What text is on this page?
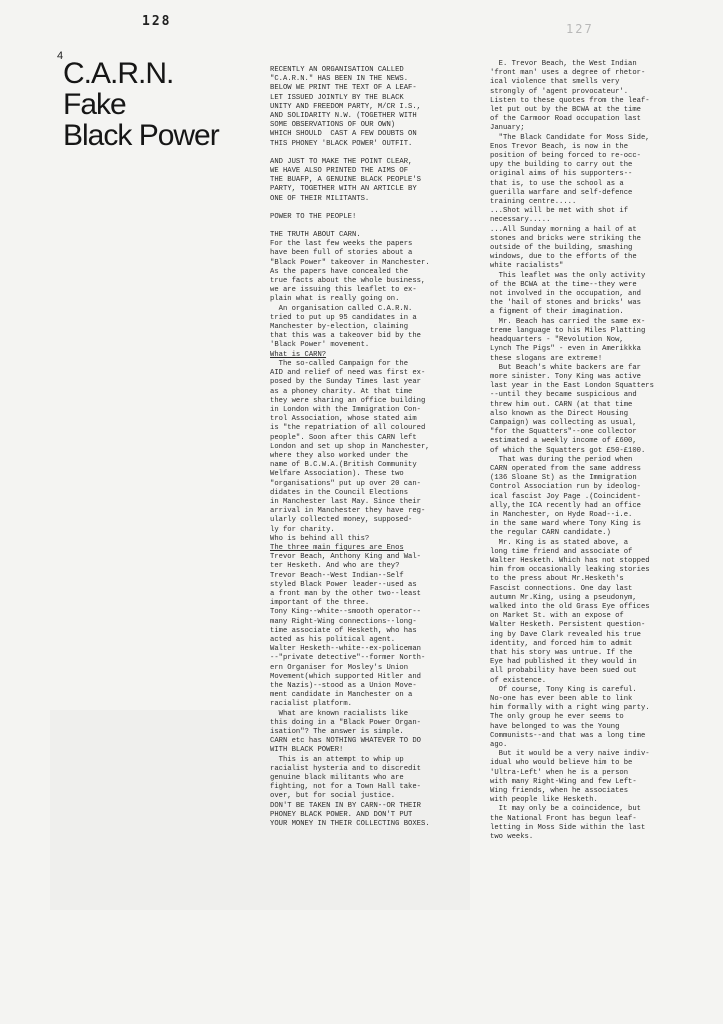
128	127
4
C.A.R.N.
Fake
Black Power

RECENTLY AN ORGANISATION CALLED

"C.A.R.N." HAS BEEN IN THE NEWS.

BELOW WE PRINT THE TEXT OF A LEAF-

LET ISSUED JOINTLY BY THE BLACK

UNITY AND FREEDOM PARTY, M/CR I.S.,

AND SOLIDARITY N.W. (TOGETHER WITH

SOME OBSERVATIONS OF OUR OWN)

WHICH SHOULD  CAST A FEW DOUBTS ON

THIS PHONEY 'BLACK POWER' OUTFIT.

AND JUST TO MAKE THE POINT CLEAR,

WE HAVE ALSO PRINTED THE AIMS OF

THE BUAFP, A GENUINE BLACK PEOPLE'S

PARTY, TOGETHER WITH AN ARTICLE BY

ONE OF THEIR MILITANTS.

POWER TO THE PEOPLE!

THE TRUTH ABOUT CARN.

For the last few weeks the papers

have been full of stories about a

"Black Power" takeover in Manchester.

As the papers have concealed the

true facts about the whole business,

we are issuing this leaflet to ex-

plain what is really going on.

An organisation called C.A.R.N.

tried to put up 95 candidates in a

Manchester by-election, claiming

that this was a takeover bid by the

'Black Power' movement.

What is CARN?

The so-called Campaign for the

AID and relief of need was first ex-

posed by the Sunday Times last year

as a phoney charity. At that time

they were sharing an office building

in London with the Immigration Con-

trol Association, whose stated aim

is "the repatriation of all coloured

people". Soon after this CARN left

London and set up shop in Manchester,

where they also worked under the

name of B.C.W.A.(British Community

Welfare Association). These two

"organisations" put up over 20 can-

didates in the Council Elections

in Manchester last May. Since their

arrival in Manchester they have reg-

ularly collected money, supposed-

ly for charity.

Who is behind all this?

The three main figures are Enos

Trevor Beach, Anthony King and Wal-

ter Hesketh. And who are they?

Trevor Beach--West Indian--Self

styled Black Power leader--used as

a front man by the other two--least

important of the three.

Tony King--white--smooth operator--

many Right-Wing connections--long-

time associate of Hesketh, who has

acted as his political agent.

Walter Hesketh--white--ex-policeman

--"private detective"--former North-

ern Organiser for Mosley's Union

Movement(which supported Hitler and

the Nazis)--stood as a Union Move-

ment candidate in Manchester on a

racialist platform.

What are known racialists like

this doing in a "Black Power Organ-

isation"? The answer is simple.

CARN etc has NOTHING WHATEVER TO DO

WITH BLACK POWER!

This is an attempt to whip up

racialist hysteria and to discredit

genuine black militants who are

fighting, not for a Town Hall take-

over, but for social justice.

DON'T BE TAKEN IN BY CARN--OR THEIR

PHONEY BLACK POWER. AND DON'T PUT

YOUR MONEY IN THEIR COLLECTING BOXES.

E. Trevor Beach, the West Indian

'front man' uses a degree of rhetor-

ical violence that smells very

strongly of 'agent provocateur'.

Listen to these quotes from the leaf-

let put out by the BCWA at the time

of the Carmoor Road occupation last

January;

"The Black Candidate for Moss Side,

Enos Trevor Beach, is now in the

position of being forced to re-occ-

upy the building to carry out the

original aims of his supporters--

that is, to use the school as a

guerilla warfare and self-defence

training centre.....

...Shot will be met with shot if

necessary.....

...All Sunday morning a hail of at

stones and bricks were striking the

outside of the building, smashing

windows, due to the efforts of the

white racialists"

This leaflet was the only activity

of the BCWA at the time--they were

not involved in the occupation, and

the 'hail of stones and bricks' was

a figment of their imagination.

Mr. Beach has carried the same ex-

treme language to his Miles Platting

headquarters - "Revolution Now,

Lynch The Pigs" - even in Amerikkka

these slogans are extreme!

But Beach's white backers are far

more sinister. Tony King was active

last year in the East London Squatters

--until they became suspicious and

threw him out. CARN (at that time

also known as the Direct Housing

Campaign) was collecting as usual,

"for the Squatters"--one collector

estimated a weekly income of £600,

of which the Squatters got £50-£100.

That was during the period when

CARN operated from the same address

(136 Sloane St) as the Immigration

Control Association run by ideolog-

ical fascist Joy Page .(Coincident-

ally,the ICA recently had an office

in Manchester, on Hyde Road--i.e.

in the same ward where Tony King is

the regular CARN candidate.)

Mr. King is as stated above, a

long time friend and associate of

Walter Hesketh. Which has not stopped

him from occasionally leaking stories

to the press about Mr.Hesketh's

Fascist connections. One day last

autumn Mr.King, using a pseudonym,

walked into the old Grass Eye offices

on Market St. with an expose of

Walter Hesketh. Persistent question-

ing by Dave Clark revealed his true

identity, and forced him to admit

that his story was untrue. If the

Eye had published it they would in

all probability have been sued out

of existence.

Of course, Tony King is careful.

No-one has ever been able to link

him formally with a right wing party.

The only group he ever seems to

have belonged to was the Young

Communists--and that was a long time

ago.

But it would be a very naive indiv-

idual who would believe him to be

'Ultra-Left' when he is a person

with many Right-Wing and few Left-

Wing friends, when he associates

with people like Hesketh.

It may only be a coincidence, but

the National Front has begun leaf-

letting in Moss Side within the last

two weeks.
